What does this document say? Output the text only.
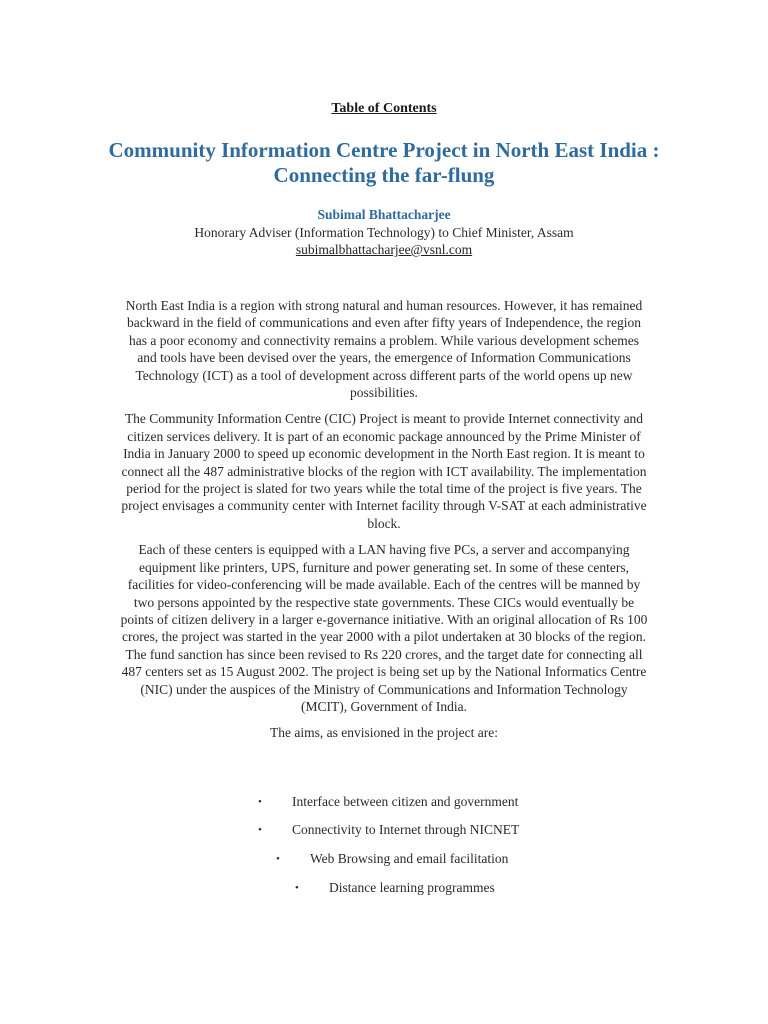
Table of Contents
Community Information Centre Project in North East India : Connecting the far-flung
Subimal Bhattacharjee
Honorary Adviser (Information Technology) to Chief Minister, Assam
subimalbhattacharjee@vsnl.com

North East India is a region with strong natural and human resources. However, it has remained backward in the field of communications and even after fifty years of Independence, the region has a poor economy and connectivity remains a problem. While various development schemes and tools have been devised over the years, the emergence of Information Communications Technology (ICT) as a tool of development across different parts of the world opens up new possibilities.

The Community Information Centre (CIC) Project is meant to provide Internet connectivity and citizen services delivery. It is part of an economic package announced by the Prime Minister of India in January 2000 to speed up economic development in the North East region. It is meant to connect all the 487 administrative blocks of the region with ICT availability. The implementation period for the project is slated for two years while the total time of the project is five years. The project envisages a community center with Internet facility through V-SAT at each administrative block.

Each of these centers is equipped with a LAN having five PCs, a server and accompanying equipment like printers, UPS, furniture and power generating set. In some of these centers, facilities for video-conferencing will be made available. Each of the centres will be manned by two persons appointed by the respective state governments. These CICs would eventually be points of citizen delivery in a larger e-governance initiative. With an original allocation of Rs 100 crores, the project was started in the year 2000 with a pilot undertaken at 30 blocks of the region. The fund sanction has since been revised to Rs 220 crores, and the target date for connecting all 487 centers set as 15 August 2002. The project is being set up by the National Informatics Centre (NIC) under the auspices of the Ministry of Communications and Information Technology (MCIT), Government of India.

The aims, as envisioned in the project are:

• Interface between citizen and government
• Connectivity to Internet through NICNET
• Web Browsing and email facilitation
• Distance learning programmes
